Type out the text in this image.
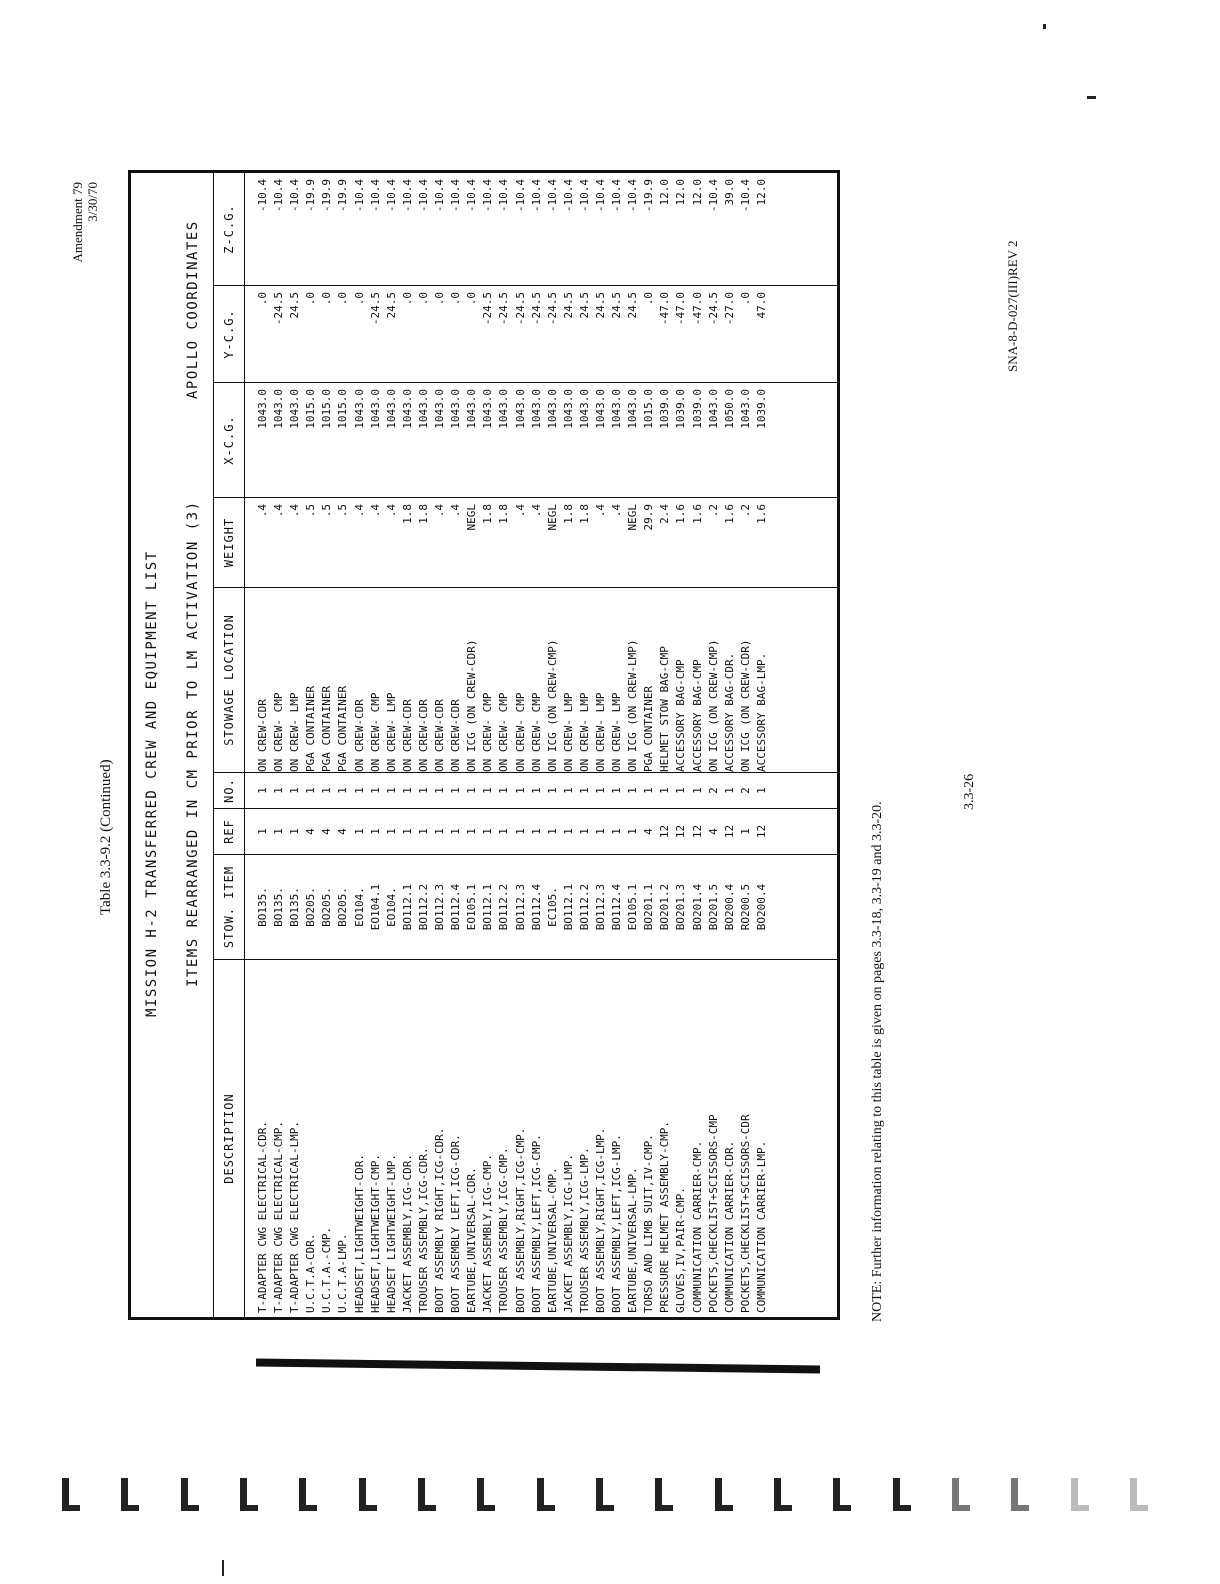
Amendment 79 3/30/70
Table 3.3-9.2 (Continued) MISSION H-2 TRANSFERRED CREW AND EQUIPMENT LIST ITEMS REARRANGED IN CM PRIOR TO LM ACTIVATION (3)
APOLLO COORDINATES
DESCRIPTION
STOW. ITEM
REF
NO.
STOWAGE LOCATION
WEIGHT
X-C.G.
Y-C.G.
Z-C.G.
T-ADAPTER CWG ELECTRICAL-CDR. T-ADAPTER CWG ELECTRICAL-CMP. T-ADAPTER CWG ELECTRICAL-LMP. U.C.T.A-CDR. U.C.T.A.-CMP. U.C.T.A-LMP. HEADSET,LIGHTWEIGHT-CDR. HEADSET,LIGHTWEIGHT-CMP. HEADSET LIGHTWEIGHT-LMP. JACKET ASSEMBLY,ICG-CDR. TROUSER ASSEMBLY,ICG-CDR. BOOT ASSEMBLY RIGHT,ICG-CDR. BOOT ASSEMBLY LEFT,ICG-CDR. EARTUBE,UNIVERSAL-CDR. JACKET ASSEMBLY,ICG-CMP. TROUSER ASSEMBLY,ICG-CMP. BOOT ASSEMBLY,RIGHT,ICG-CMP. BOOT ASSEMBLY,LEFT,ICG-CMP. EARTUBE,UNIVERSAL-CMP. JACKET ASSEMBLY,ICG-LMP. TROUSER ASSEMBLY,ICG-LMP. BOOT ASSEMBLY,RIGHT,ICG-LMP. BOOT ASSEMBLY,LEFT,ICG-LMP. EARTUBE,UNIVERSAL-LMP. TORSO AND LIMB SUIT,IV-CMP. PRESSURE HELMET ASSEMBLY-CMP. GLOVES,IV,PAIR-CMP. COMMUNICATION CARRIER-CMP. POCKETS,CHECKLIST+SCISSORS-CMP COMMUNICATION CARRIER-CDR. POCKETS,CHECKLIST+SCISSORS-CDR COMMUNICATION CARRIER-LMP.
BO135. BO135. BO135. BO205. BO205. BO205. EO104. EO104.1 EO104. BO112.1 BO112.2 BO112.3 BO112.4 EO105.1 BO112.1 BO112.2 BO112.3 BO112.4 EC105. BO112.1 BO112.2 BO112.3 BO112.4 EO105.1 BO201.1 BO201.2 BO201.3 BO201.4 BO201.5 BO200.4 RO200.5 BO200.4
1 1 1 4 4 4 1 1 1 1 1 1 1 1 1 1 1 1 1 1 1 1 1 1 4 12 12 12 4 12 1 12
1 1 1 1 1 1 1 1 1 1 1 1 1 1 1 1 1 1 1 1 1 1 1 1 1 1 1 1 2 1 2 1
ON CREW-CDR ON CREW- CMP ON CREW- LMP PGA CONTAINER PGA CONTAINER PGA CONTAINER ON CREW-CDR ON CREW- CMP ON CREW- LMP ON CREW-CDR ON CREW-CDR ON CREW-CDR ON CREW-CDR ON ICG (ON CREW-CDR) ON CREW- CMP ON CREW- CMP ON CREW- CMP ON CREW- CMP ON ICG (ON CREW-CMP) ON CREW- LMP ON CREW- LMP ON CREW- LMP ON CREW- LMP ON ICG (ON CREW-LMP) PGA CONTAINER HELMET STOW BAG-CMP ACCESSORY BAG-CMP ACCESSORY BAG-CMP ON ICG (ON CREW-CMP) ACCESSORY BAG-CDR. ON ICG (ON CREW-CDR) ACCESSORY BAG-LMP.
.4 .4 .4 .5 .5 .5 .4 .4 .4 1.8 1.8 .4 .4 NEGL 1.8 1.8 .4 .4 NEGL 1.8 1.8 .4 .4 NEGL 29.9 2.4 1.6 1.6 .2 1.6 .2 1.6
1043.0 1043.0 1043.0 1015.0 1015.0 1015.0 1043.0 1043.0 1043.0 1043.0 1043.0 1043.0 1043.0 1043.0 1043.0 1043.0 1043.0 1043.0 1043.0 1043.0 1043.0 1043.0 1043.0 1043.0 1015.0 1039.0 1039.0 1039.0 1043.0 1050.0 1043.0 1039.0
.0 -24.5 24.5 .0 .0 .0 .0 -24.5 24.5 .0 .0 .0 .0 .0 -24.5 -24.5 -24.5 -24.5 -24.5 24.5 24.5 24.5 24.5 24.5 .0 -47.0 -47.0 -47.0 -24.5 -27.0 .0 47.0
-10.4 -10.4 -10.4 -19.9 -19.9 -19.9 -10.4 -10.4 -10.4 -10.4 -10.4 -10.4 -10.4 -10.4 -10.4 -10.4 -10.4 -10.4 -10.4 -10.4 -10.4 -10.4 -10.4 -10.4 -19.9 12.0 12.0 12.0 -10.4 39.0 -10.4 12.0
NOTE: Further information relating to this table is given on pages 3.3-18, 3.3-19 and 3.3-20.
3.3-26
SNA-8-D-027(III)REV 2
